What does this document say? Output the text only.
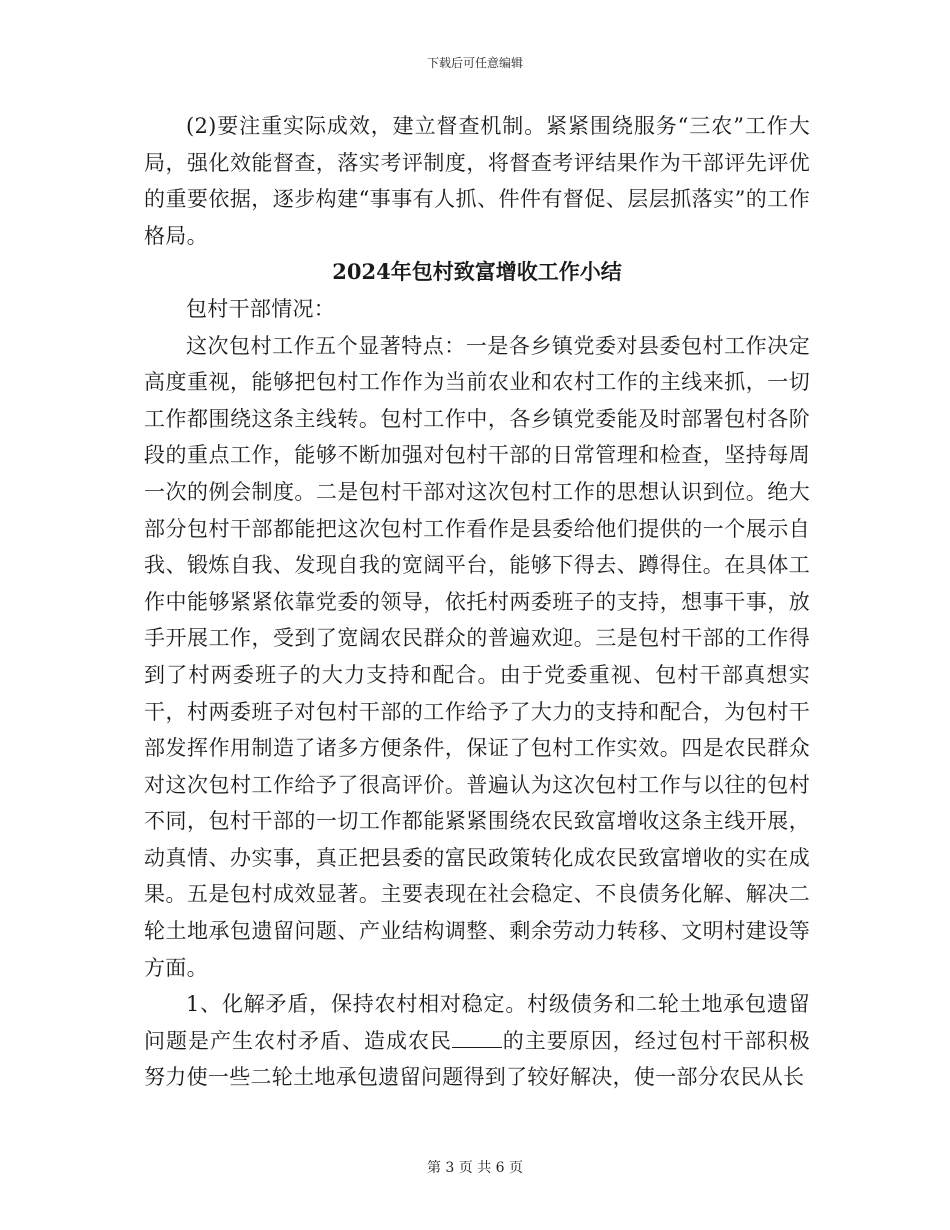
下载后可任意编辑

(2)要注重实际成效，建立督查机制。紧紧围绕服务“三农”工作大局，强化效能督查，落实考评制度，将督查考评结果作为干部评先评优的重要依据，逐步构建“事事有人抓、件件有督促、层层抓落实”的工作格局。

2024年包村致富增收工作小结

包村干部情况：

这次包村工作五个显著特点：一是各乡镇党委对县委包村工作决定高度重视，能够把包村工作作为当前农业和农村工作的主线来抓，一切工作都围绕这条主线转。包村工作中，各乡镇党委能及时部署包村各阶段的重点工作，能够不断加强对包村干部的日常管理和检查，坚持每周一次的例会制度。二是包村干部对这次包村工作的思想认识到位。绝大部分包村干部都能把这次包村工作看作是县委给他们提供的一个展示自我、锻炼自我、发现自我的宽阔平台，能够下得去、蹲得住。在具体工作中能够紧紧依靠党委的领导，依托村两委班子的支持，想事干事，放手开展工作，受到了宽阔农民群众的普遍欢迎。三是包村干部的工作得到了村两委班子的大力支持和配合。由于党委重视、包村干部真想实干，村两委班子对包村干部的工作给予了大力的支持和配合，为包村干部发挥作用制造了诸多方便条件，保证了包村工作实效。四是农民群众对这次包村工作给予了很高评价。普遍认为这次包村工作与以往的包村不同，包村干部的一切工作都能紧紧围绕农民致富增收这条主线开展，动真情、办实事，真正把县委的富民政策转化成农民致富增收的实在成果。五是包村成效显著。主要表现在社会稳定、不良债务化解、解决二轮土地承包遗留问题、产业结构调整、剩余劳动力转移、文明村建设等方面。

1、化解矛盾，保持农村相对稳定。村级债务和二轮土地承包遗留问题是产生农村矛盾、造成农民 的主要原因，经过包村干部积极努力使一些二轮土地承包遗留问题得到了较好解决，使一部分农民从长

第 3 页 共 6 页
